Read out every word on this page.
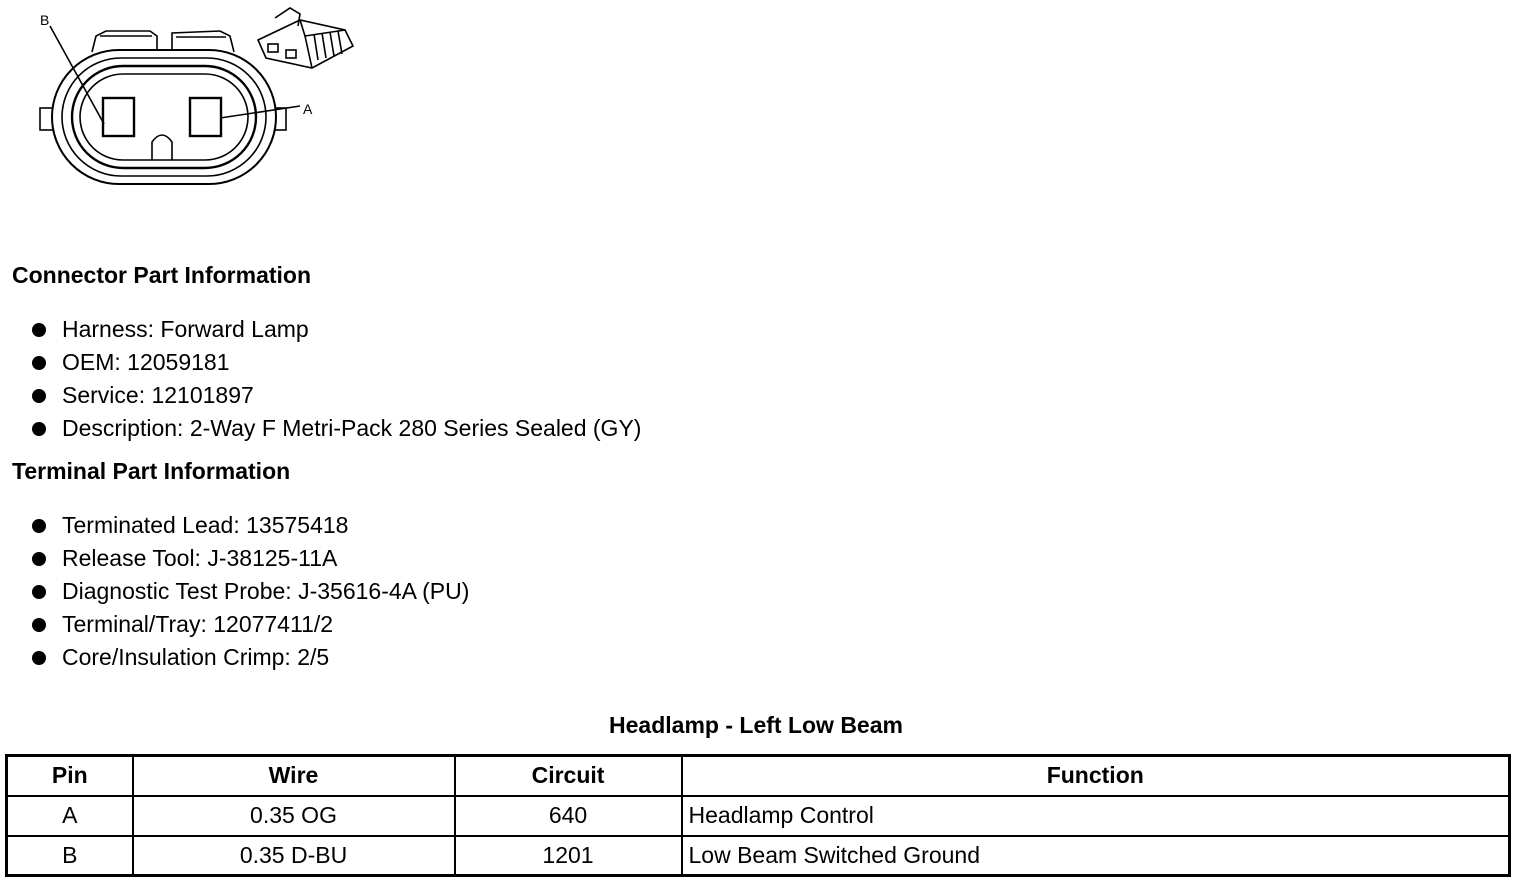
B
A
Connector Part Information
Harness: Forward Lamp
OEM: 12059181
Service: 12101897
Description: 2-Way F Metri-Pack 280 Series Sealed (GY)
Terminal Part Information
Terminated Lead: 13575418
Release Tool: J-38125-11A
Diagnostic Test Probe: J-35616-4A (PU)
Terminal/Tray: 12077411/2
Core/Insulation Crimp: 2/5
Headlamp - Left Low Beam
Pin	Wire	Circuit	Function
A	0.35 OG	640	Headlamp Control
B	0.35 D-BU	1201	Low Beam Switched Ground
